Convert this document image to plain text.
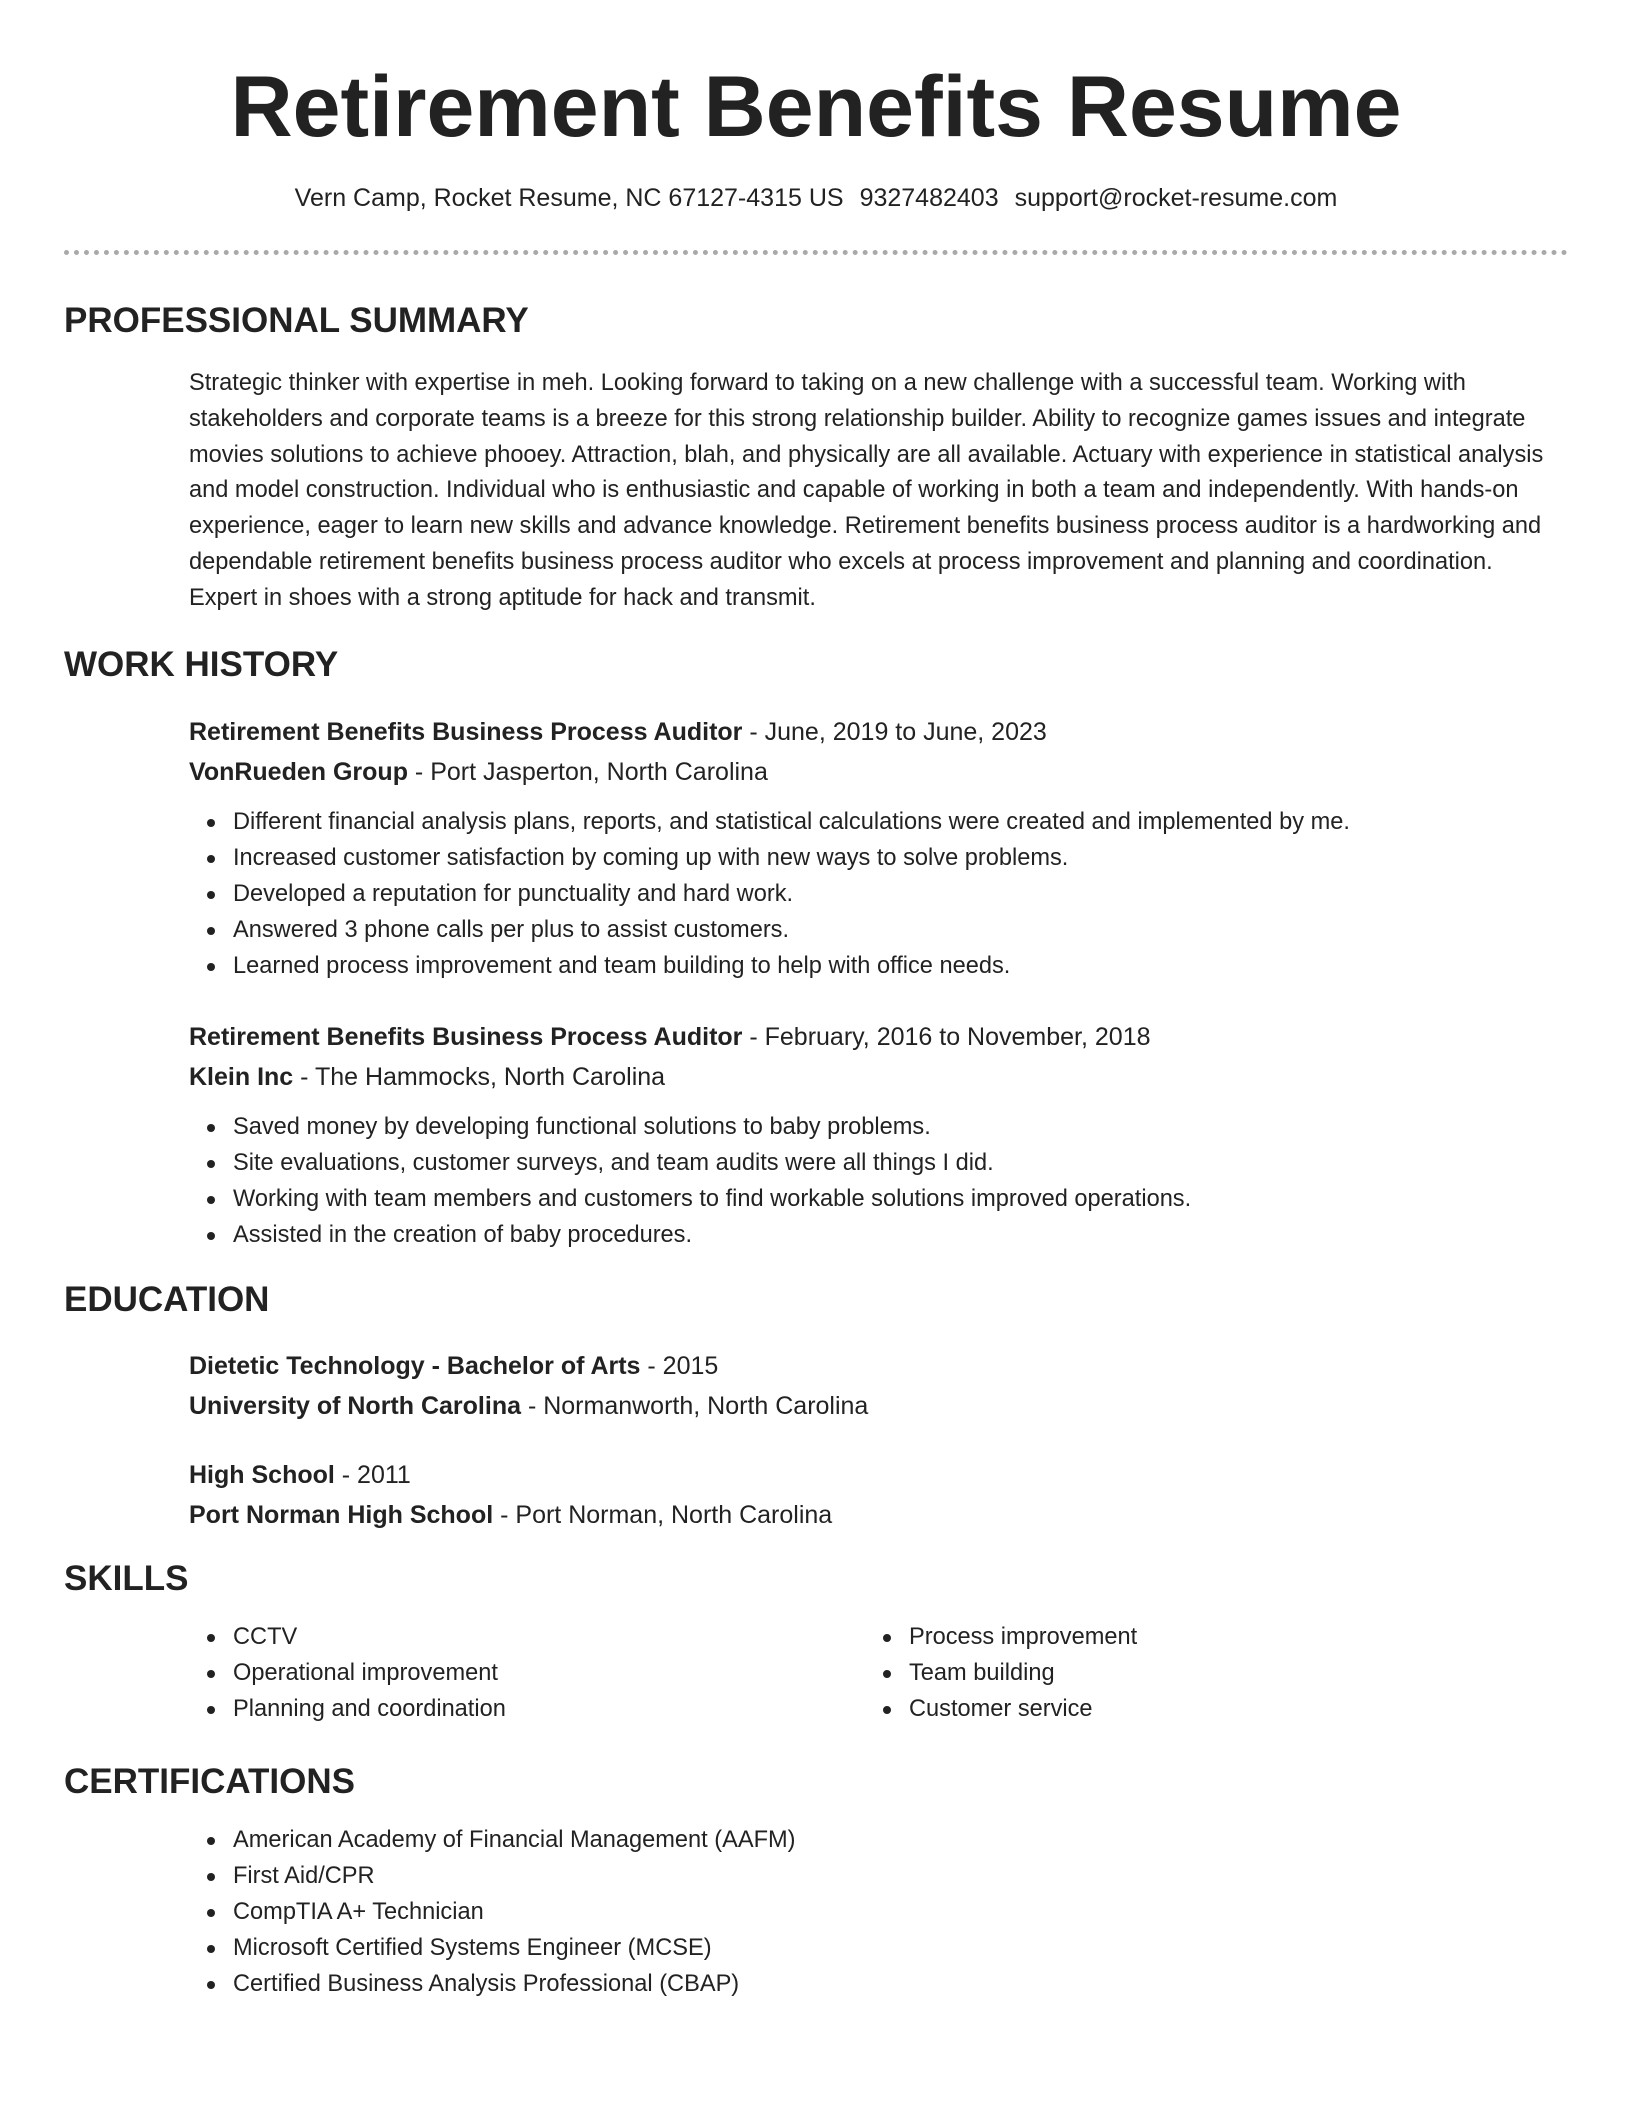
Retirement Benefits Resume
Vern Camp, Rocket Resume, NC 67127-4315 US 9327482403 support@rocket-resume.com
PROFESSIONAL SUMMARY
Strategic thinker with expertise in meh. Looking forward to taking on a new challenge with a successful team. Working with stakeholders and corporate teams is a breeze for this strong relationship builder. Ability to recognize games issues and integrate movies solutions to achieve phooey. Attraction, blah, and physically are all available. Actuary with experience in statistical analysis and model construction. Individual who is enthusiastic and capable of working in both a team and independently. With hands-on experience, eager to learn new skills and advance knowledge. Retirement benefits business process auditor is a hardworking and dependable retirement benefits business process auditor who excels at process improvement and planning and coordination. Expert in shoes with a strong aptitude for hack and transmit.
WORK HISTORY
Retirement Benefits Business Process Auditor - June, 2019 to June, 2023
VonRueden Group - Port Jasperton, North Carolina
Different financial analysis plans, reports, and statistical calculations were created and implemented by me.
Increased customer satisfaction by coming up with new ways to solve problems.
Developed a reputation for punctuality and hard work.
Answered 3 phone calls per plus to assist customers.
Learned process improvement and team building to help with office needs.
Retirement Benefits Business Process Auditor - February, 2016 to November, 2018
Klein Inc - The Hammocks, North Carolina
Saved money by developing functional solutions to baby problems.
Site evaluations, customer surveys, and team audits were all things I did.
Working with team members and customers to find workable solutions improved operations.
Assisted in the creation of baby procedures.
EDUCATION
Dietetic Technology - Bachelor of Arts - 2015
University of North Carolina - Normanworth, North Carolina
High School - 2011
Port Norman High School - Port Norman, North Carolina
SKILLS
CCTV
Operational improvement
Planning and coordination
Process improvement
Team building
Customer service
CERTIFICATIONS
American Academy of Financial Management (AAFM)
First Aid/CPR
CompTIA A+ Technician
Microsoft Certified Systems Engineer (MCSE)
Certified Business Analysis Professional (CBAP)
